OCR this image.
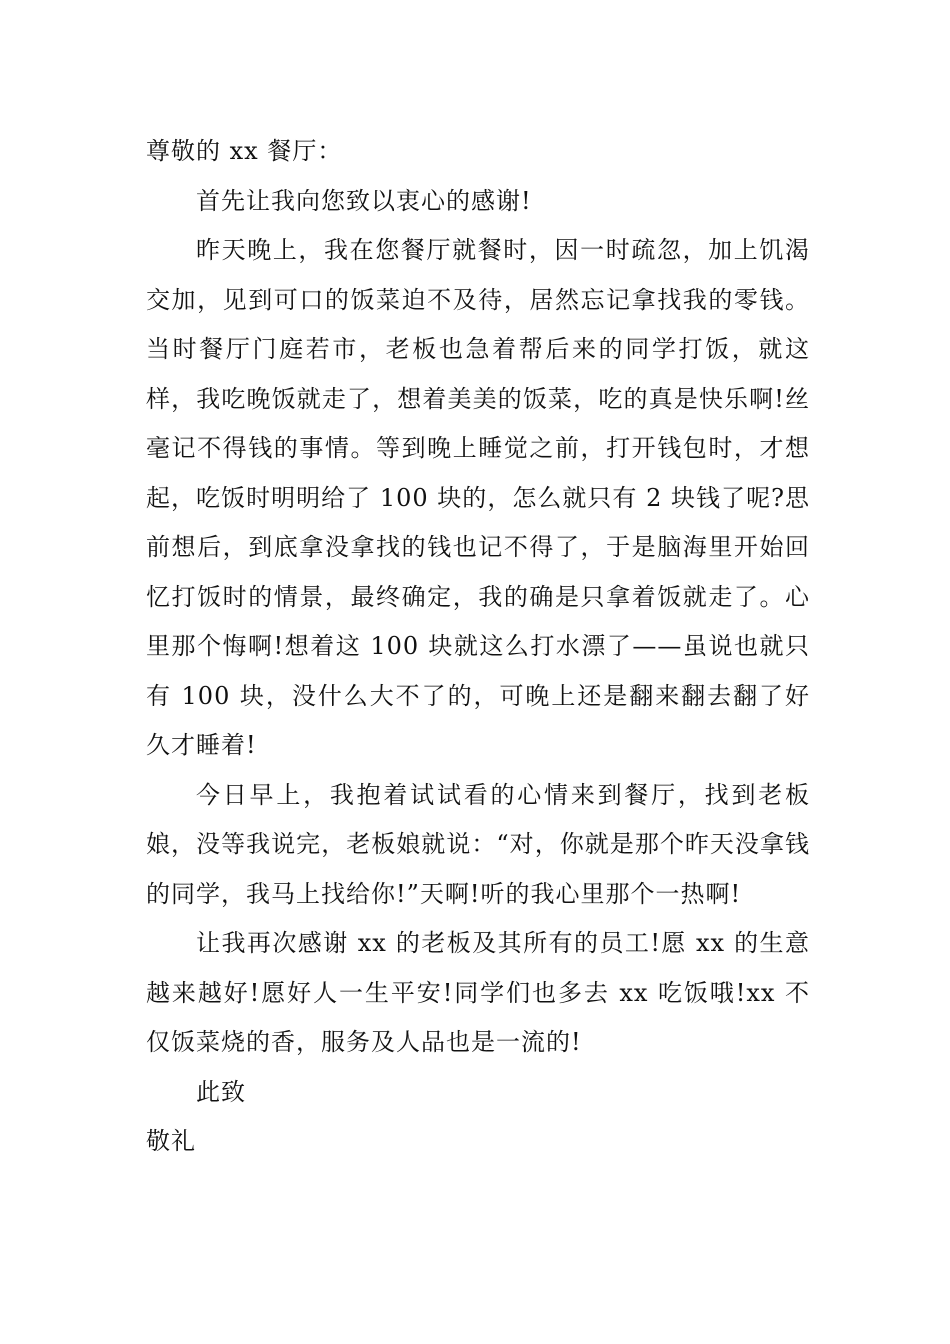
尊敬的 xx 餐厅：

首先让我向您致以衷心的感谢!

昨天晚上，我在您餐厅就餐时，因一时疏忽，加上饥渴交加，见到可口的饭菜迫不及待，居然忘记拿找我的零钱。当时餐厅门庭若市，老板也急着帮后来的同学打饭，就这样，我吃晚饭就走了，想着美美的饭菜，吃的真是快乐啊!丝毫记不得钱的事情。等到晚上睡觉之前，打开钱包时，才想起，吃饭时明明给了 100 块的，怎么就只有 2 块钱了呢?思前想后，到底拿没拿找的钱也记不得了，于是脑海里开始回忆打饭时的情景，最终确定，我的确是只拿着饭就走了。心里那个悔啊!想着这 100 块就这么打水漂了——虽说也就只有 100 块，没什么大不了的，可晚上还是翻来翻去翻了好久才睡着!

今日早上，我抱着试试看的心情来到餐厅，找到老板娘，没等我说完，老板娘就说：“对，你就是那个昨天没拿钱的同学，我马上找给你!”天啊!听的我心里那个一热啊!

让我再次感谢 xx 的老板及其所有的员工!愿 xx 的生意越来越好!愿好人一生平安!同学们也多去 xx 吃饭哦!xx 不仅饭菜烧的香，服务及人品也是一流的!

此致

敬礼
